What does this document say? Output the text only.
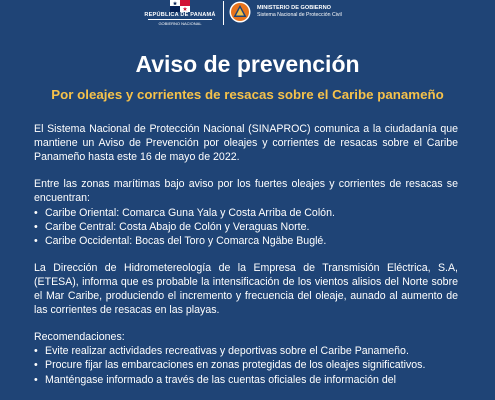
REPÚBLICA DE PANAMÁ
GOBIERNO NACIONAL
MINISTERIO DE GOBIERNO
Sistema Nacional de Protección Civil
Aviso de prevención
Por oleajes y corrientes de resacas sobre el Caribe panameño

El Sistema Nacional de Protección Nacional (SINAPROC) comunica a la ciudadanía que mantiene un Aviso de Prevención por oleajes y corrientes de resacas sobre el Caribe Panameño hasta este 16 de mayo de 2022.

Entre las zonas marítimas bajo aviso por los fuertes oleajes y corrientes de resacas se encuentran:

• Caribe Oriental: Comarca Guna Yala y Costa Arriba de Colón.
• Caribe Central: Costa Abajo de Colón y Veraguas Norte.
• Caribe Occidental: Bocas del Toro y Comarca Ngäbe Buglé.

La Dirección de Hidrometereología de la Empresa de Transmisión Eléctrica, S.A, (ETESA), informa que es probable la intensificación de los vientos alisios del Norte sobre el Mar Caribe, produciendo el incremento y frecuencia del oleaje, aunado al aumento de las corrientes de resacas en las playas.

Recomendaciones:

• Evite realizar actividades recreativas y deportivas sobre el Caribe Panameño.
• Procure fijar las embarcaciones en zonas protegidas de los oleajes significativos.
• Manténgase informado a través de las cuentas oficiales de información del
